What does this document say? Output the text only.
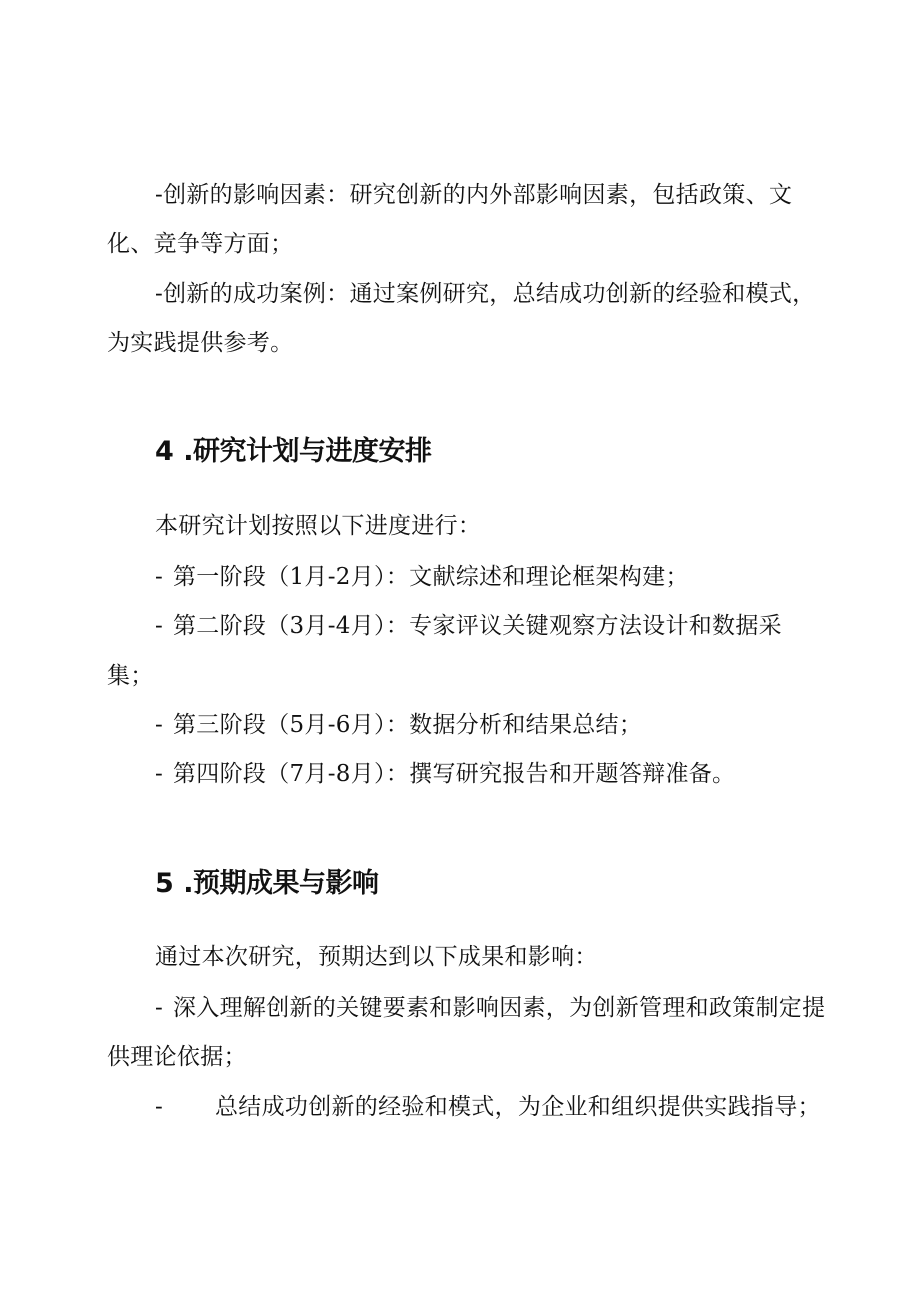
-创新的影响因素：研究创新的内外部影响因素，包括政策、文
化、竞争等方面；
-创新的成功案例：通过案例研究，总结成功创新的经验和模式，
为实践提供参考。
4 .研究计划与进度安排
本研究计划按照以下进度进行：
- 第一阶段（1月-2月）：文献综述和理论框架构建；
- 第二阶段（3月-4月）：专家评议关键观察方法设计和数据采
集；
- 第三阶段（5月-6月）：数据分析和结果总结；
- 第四阶段（7月-8月）：撰写研究报告和开题答辩准备。
5 .预期成果与影响
通过本次研究，预期达到以下成果和影响：
- 深入理解创新的关键要素和影响因素，为创新管理和政策制定提
供理论依据；
- 总结成功创新的经验和模式，为企业和组织提供实践指导；
